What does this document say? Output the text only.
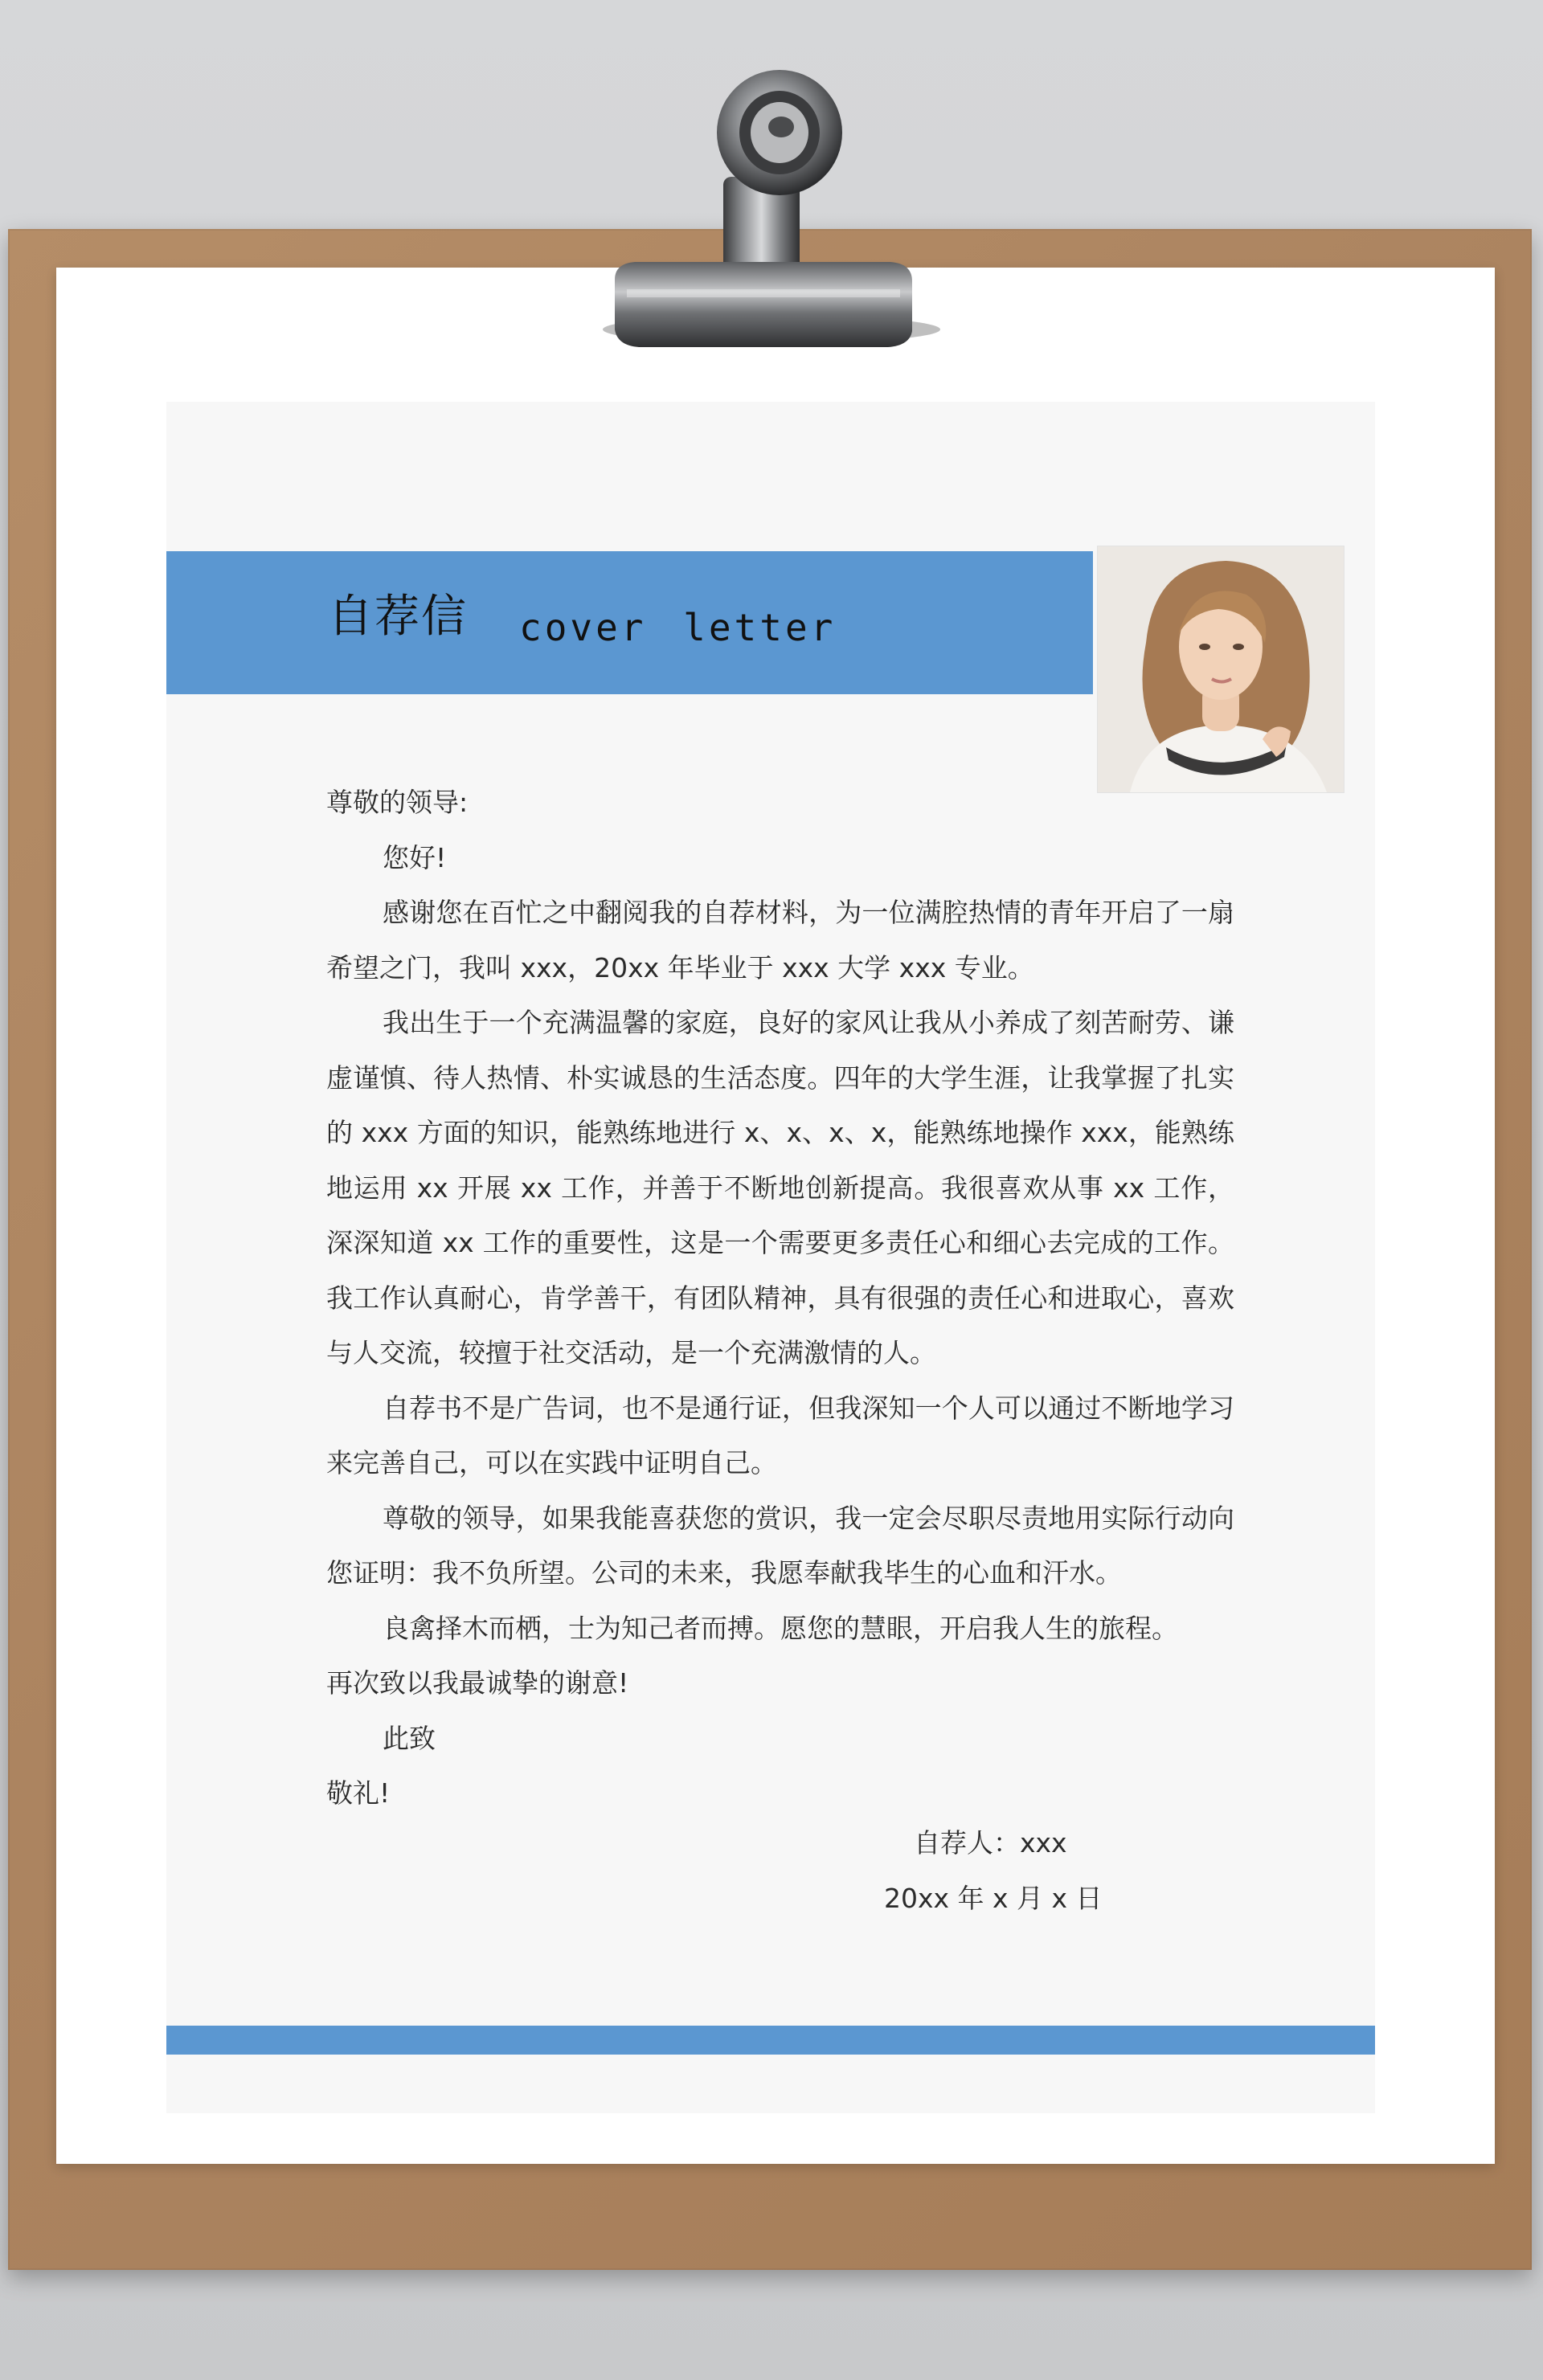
自荐信 cover letter

尊敬的领导:

您好!

感谢您在百忙之中翻阅我的自荐材料，为一位满腔热情的青年开启了一扇希望之门，我叫 xxx，20xx 年毕业于 xxx 大学 xxx 专业。

我出生于一个充满温馨的家庭，良好的家风让我从小养成了刻苦耐劳、谦虚谨慎、待人热情、朴实诚恳的生活态度。四年的大学生涯，让我掌握了扎实的 xxx 方面的知识，能熟练地进行 x、x、x、x，能熟练地操作 xxx，能熟练地运用 xx 开展 xx 工作，并善于不断地创新提高。我很喜欢从事 xx 工作，深深知道 xx 工作的重要性，这是一个需要更多责任心和细心去完成的工作。我工作认真耐心，肯学善干，有团队精神，具有很强的责任心和进取心，喜欢与人交流，较擅于社交活动，是一个充满激情的人。

自荐书不是广告词，也不是通行证，但我深知一个人可以通过不断地学习来完善自己，可以在实践中证明自己。

尊敬的领导，如果我能喜获您的赏识，我一定会尽职尽责地用实际行动向您证明：我不负所望。公司的未来，我愿奉献我毕生的心血和汗水。

良禽择木而栖，士为知己者而搏。愿您的慧眼，开启我人生的旅程。

再次致以我最诚挚的谢意!

此致

敬礼!

自荐人：xxx
20xx 年 x 月 x 日
